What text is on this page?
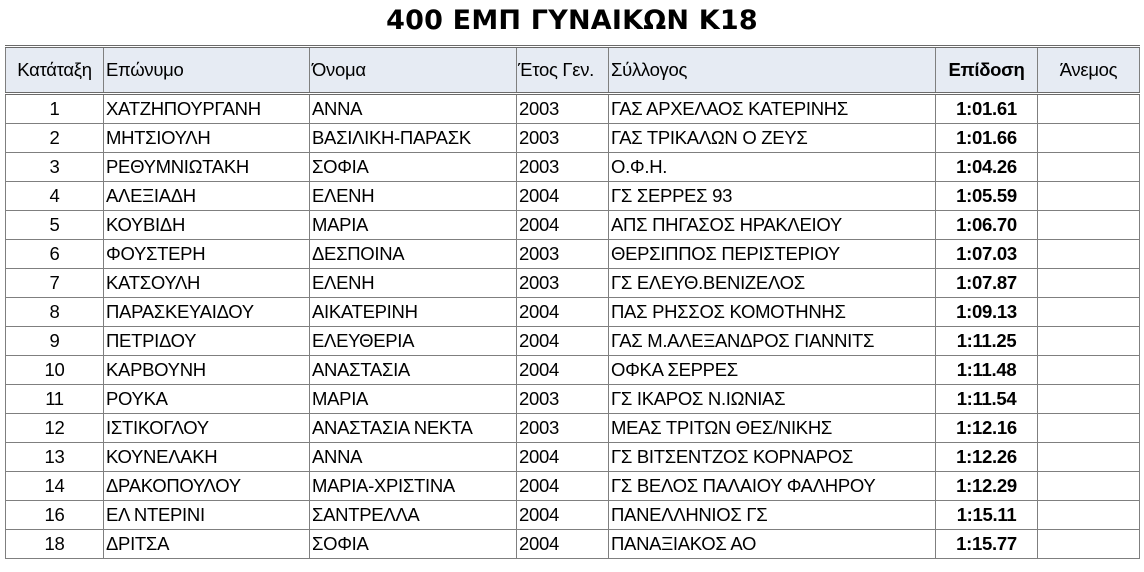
400 ΕΜΠ ΓΥΝΑΙΚΩΝ Κ18
Κατάταξη	Επώνυμο	Όνομα	Έτος Γεν.	Σύλλογος	Επίδοση	Άνεμος
1	ΧΑΤΖΗΠΟΥΡΓΑΝΗ	ΑΝΝΑ	2003	ΓΑΣ ΑΡΧΕΛΑΟΣ ΚΑΤΕΡΙΝΗΣ	1:01.61	
2	ΜΗΤΣΙΟΥΛΗ	ΒΑΣΙΛΙΚΗ-ΠΑΡΑΣΚ	2003	ΓΑΣ ΤΡΙΚΑΛΩΝ Ο ΖΕΥΣ	1:01.66	
3	ΡΕΘΥΜΝΙΩΤΑΚΗ	ΣΟΦΙΑ	2003	Ο.Φ.Η.	1:04.26	
4	ΑΛΕΞΙΑΔΗ	ΕΛΕΝΗ	2004	ΓΣ ΣΕΡΡΕΣ 93	1:05.59	
5	ΚΟΥΒΙΔΗ	ΜΑΡΙΑ	2004	ΑΠΣ ΠΗΓΑΣΟΣ ΗΡΑΚΛΕΙΟΥ	1:06.70	
6	ΦΟΥΣΤΕΡΗ	ΔΕΣΠΟΙΝΑ	2003	ΘΕΡΣΙΠΠΟΣ ΠΕΡΙΣΤΕΡΙΟΥ	1:07.03	
7	ΚΑΤΣΟΥΛΗ	ΕΛΕΝΗ	2003	ΓΣ ΕΛΕΥΘ.ΒΕΝΙΖΕΛΟΣ	1:07.87	
8	ΠΑΡΑΣΚΕΥΑΙΔΟΥ	ΑΙΚΑΤΕΡΙΝΗ	2004	ΠΑΣ ΡΗΣΣΟΣ ΚΟΜΟΤΗΝΗΣ	1:09.13	
9	ΠΕΤΡΙΔΟΥ	ΕΛΕΥΘΕΡΙΑ	2004	ΓΑΣ Μ.ΑΛΕΞΑΝΔΡΟΣ ΓΙΑΝΝΙΤΣ	1:11.25	
10	ΚΑΡΒΟΥΝΗ	ΑΝΑΣΤΑΣΙΑ	2004	ΟΦΚΑ ΣΕΡΡΕΣ	1:11.48	
11	ΡΟΥΚΑ	ΜΑΡΙΑ	2003	ΓΣ ΙΚΑΡΟΣ Ν.ΙΩΝΙΑΣ	1:11.54	
12	ΙΣΤΙΚΟΓΛΟΥ	ΑΝΑΣΤΑΣΙΑ ΝΕΚΤΑ	2003	ΜΕΑΣ ΤΡΙΤΩΝ ΘΕΣ/ΝΙΚΗΣ	1:12.16	
13	ΚΟΥΝΕΛΑΚΗ	ΑΝΝΑ	2004	ΓΣ ΒΙΤΣΕΝΤΖΟΣ ΚΟΡΝΑΡΟΣ	1:12.26	
14	ΔΡΑΚΟΠΟΥΛΟΥ	ΜΑΡΙΑ-ΧΡΙΣΤΙΝΑ	2004	ΓΣ ΒΕΛΟΣ ΠΑΛΑΙΟΥ ΦΑΛΗΡΟΥ	1:12.29	
16	ΕΛ ΝΤΕΡΙΝΙ	ΣΑΝΤΡΕΛΛΑ	2004	ΠΑΝΕΛΛΗΝΙΟΣ ΓΣ	1:15.11	
18	ΔΡΙΤΣΑ	ΣΟΦΙΑ	2004	ΠΑΝΑΞΙΑΚΟΣ ΑΟ	1:15.77	
